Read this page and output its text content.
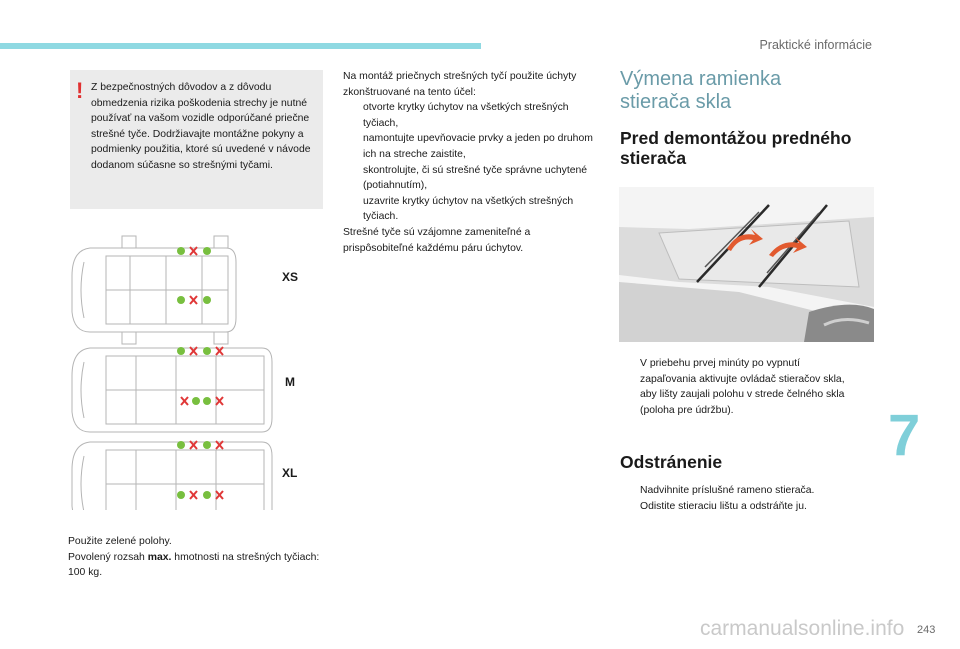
Praktické informácie
! Z bezpečnostných dôvodov a z dôvodu obmedzenia rizika poškodenia strechy je nutné používať na vašom vozidle odporúčané priečne strešné tyče. Dodržiavajte montážne pokyny a podmienky použitia, ktoré sú uvedené v návode dodanom súčasne so strešnými tyčami.
XS
M
XL
Použite zelené polohy.
Povolený rozsah max. hmotnosti na strešných tyčiach: 100 kg.
Na montáž priečnych strešných tyčí použite úchyty zkonštruované na tento účel:
otvorte krytky úchytov na všetkých strešných tyčiach,
namontujte upevňovacie prvky a jeden po druhom ich na streche zaistite,
skontrolujte, či sú strešné tyče správne uchytené (potiahnutím),
uzavrite krytky úchytov na všetkých strešných tyčiach.
Strešné tyče sú vzájomne zameniteľné a prispôsobiteľné každému páru úchytov.
Výmena ramienka
stierača skla
Pred demontážou predného
stierača
V priebehu prvej minúty po vypnutí zapaľovania aktivujte ovládač stieračov skla, aby lišty zaujali polohu v strede čelného skla (poloha pre údržbu).
Odstránenie
Nadvihnite príslušné rameno stierača.
Odistite stieraciu lištu a odstráňte ju.
7
carmanualsonline.info 243
